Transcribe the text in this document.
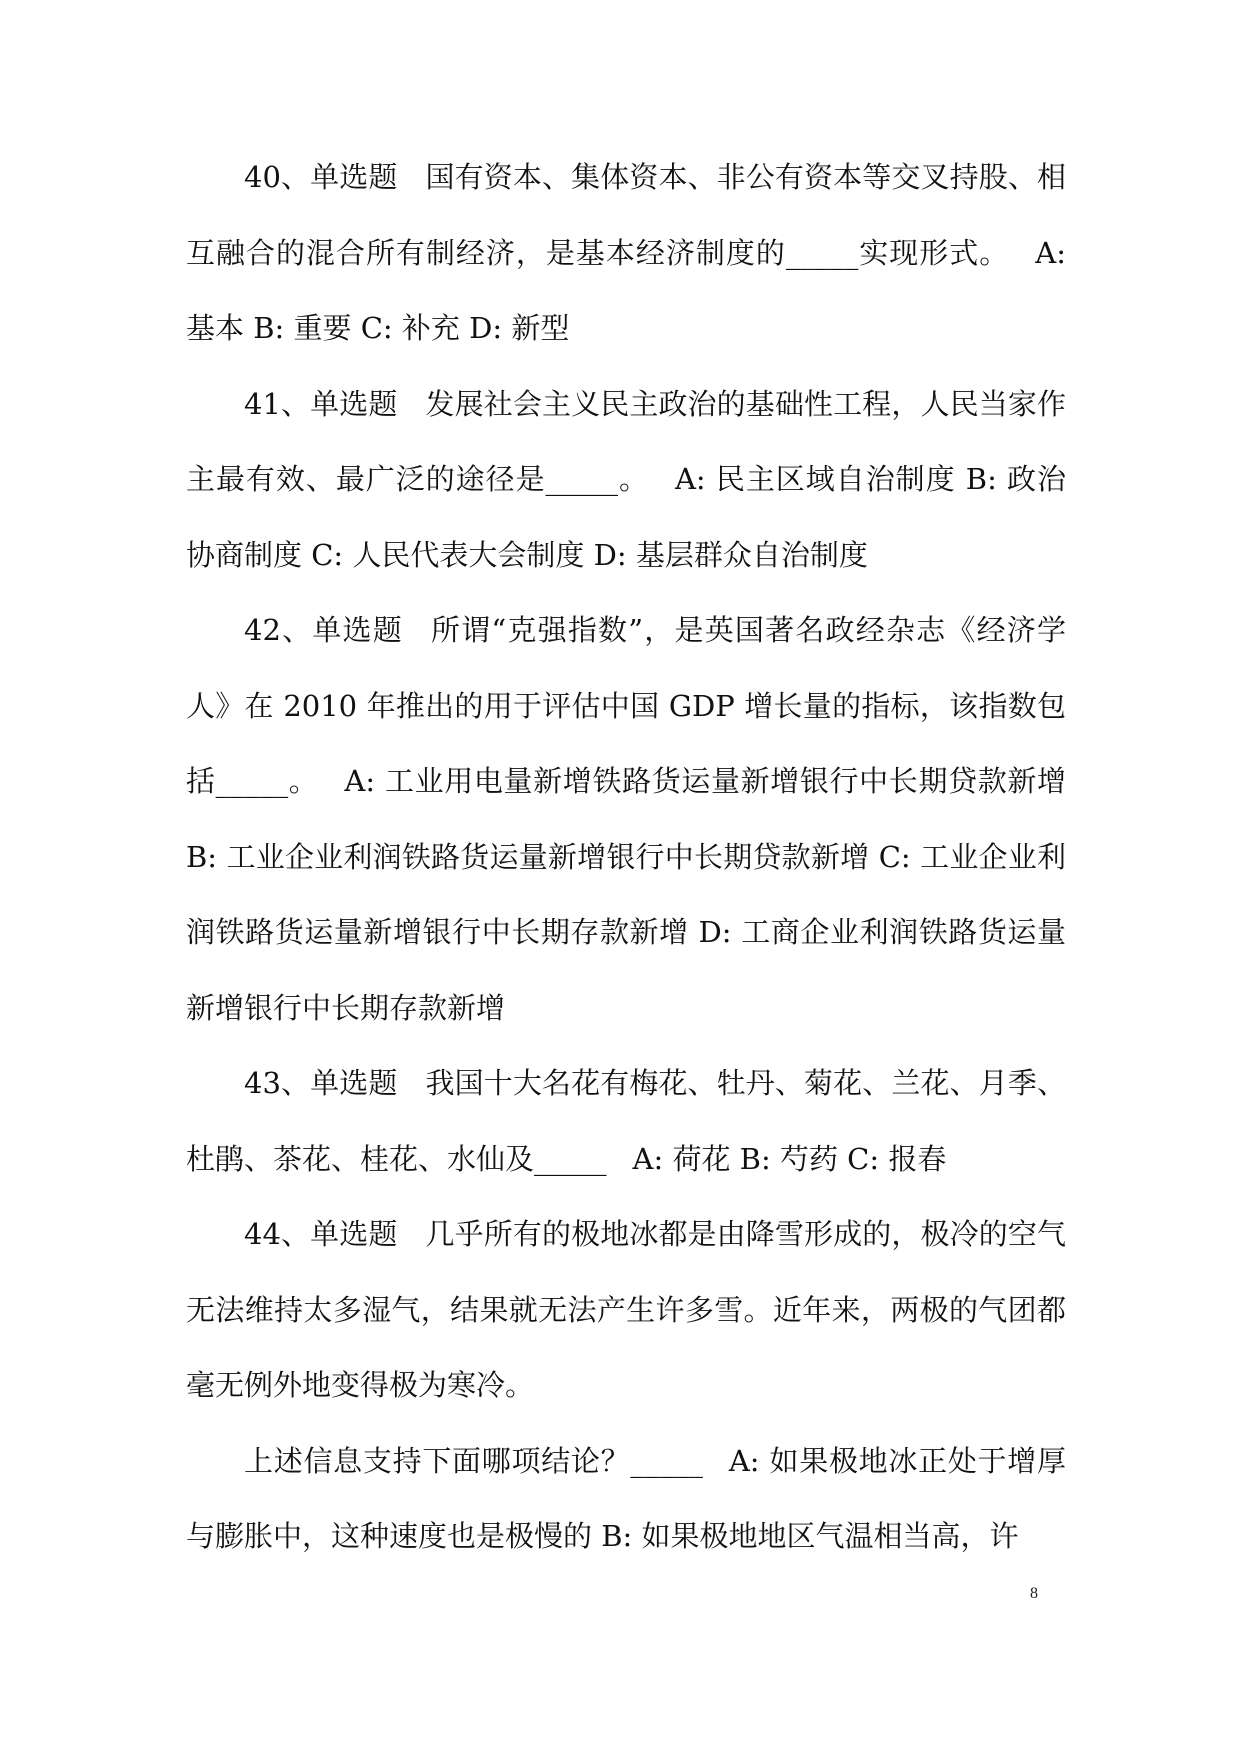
40、单选题 国有资本、集体资本、非公有资本等交叉持股、相互融合的混合所有制经济，是基本经济制度的_____实现形式。 A: 基本 B: 重要 C: 补充 D: 新型

41、单选题 发展社会主义民主政治的基础性工程，人民当家作主最有效、最广泛的途径是_____。 A: 民主区域自治制度 B: 政治协商制度 C: 人民代表大会制度 D: 基层群众自治制度

42、单选题 所谓“克强指数”，是英国著名政经杂志《经济学人》在 2010 年推出的用于评估中国 GDP 增长量的指标，该指数包括_____。 A: 工业用电量新增铁路货运量新增银行中长期贷款新增 B: 工业企业利润铁路货运量新增银行中长期贷款新增 C: 工业企业利润铁路货运量新增银行中长期存款新增 D: 工商企业利润铁路货运量新增银行中长期存款新增

43、单选题 我国十大名花有梅花、牡丹、菊花、兰花、月季、杜鹃、茶花、桂花、水仙及_____ A: 荷花 B: 芍药 C: 报春

44、单选题 几乎所有的极地冰都是由降雪形成的，极冷的空气无法维持太多湿气，结果就无法产生许多雪。近年来，两极的气团都毫无例外地变得极为寒冷。

上述信息支持下面哪项结论？_____ A: 如果极地冰正处于增厚与膨胀中，这种速度也是极慢的 B: 如果极地地区气温相当高，许

8
